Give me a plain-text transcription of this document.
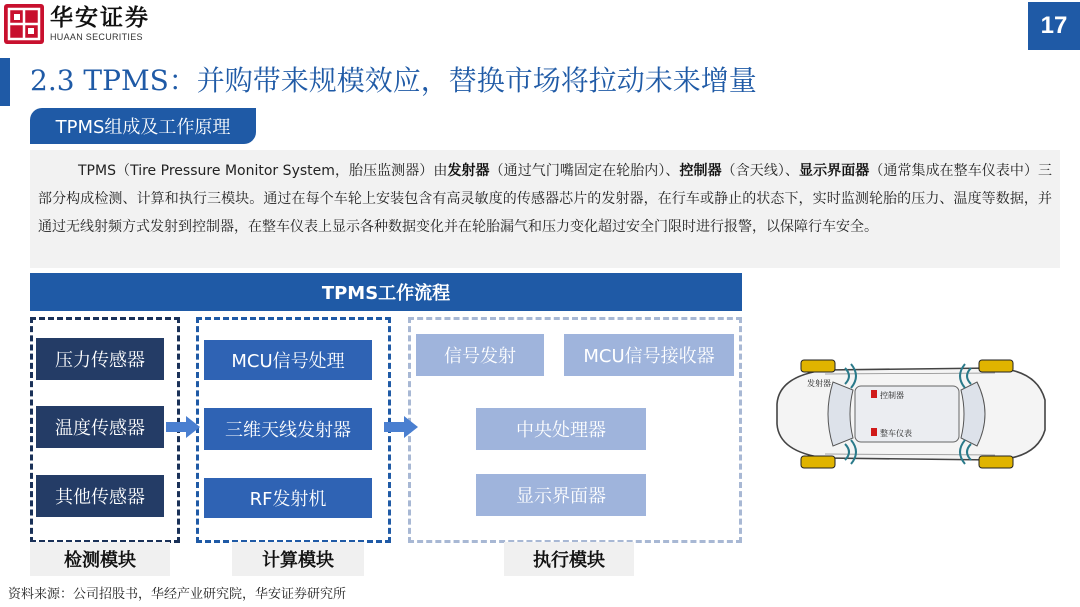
华安证券
HUAAN SECURITIES	17
2.3 TPMS：并购带来规模效应，替换市场将拉动未来增量
TPMS组成及工作原理
TPMS（Tire Pressure Monitor System，胎压监测器）由发射器（通过气门嘴固定在轮胎内）、控制器（含天线）、显示界面器（通常集成在整车仪表中）三部分构成检测、计算和执行三模块。通过在每个车轮上安装包含有高灵敏度的传感器芯片的发射器，在行车或静止的状态下，实时监测轮胎的压力、温度等数据，并通过无线射频方式发射到控制器，在整车仪表上显示各种数据变化并在轮胎漏气和压力变化超过安全门限时进行报警，以保障行车安全。
TPMS工作流程
压力传感器
温度传感器
其他传感器
MCU信号处理
三维天线发射器
RF发射机
信号发射	MCU信号接收器
中央处理器
显示界面器
检测模块	计算模块	执行模块
发射器
控制器
整车仪表
资料来源：公司招股书，华经产业研究院，华安证券研究所
